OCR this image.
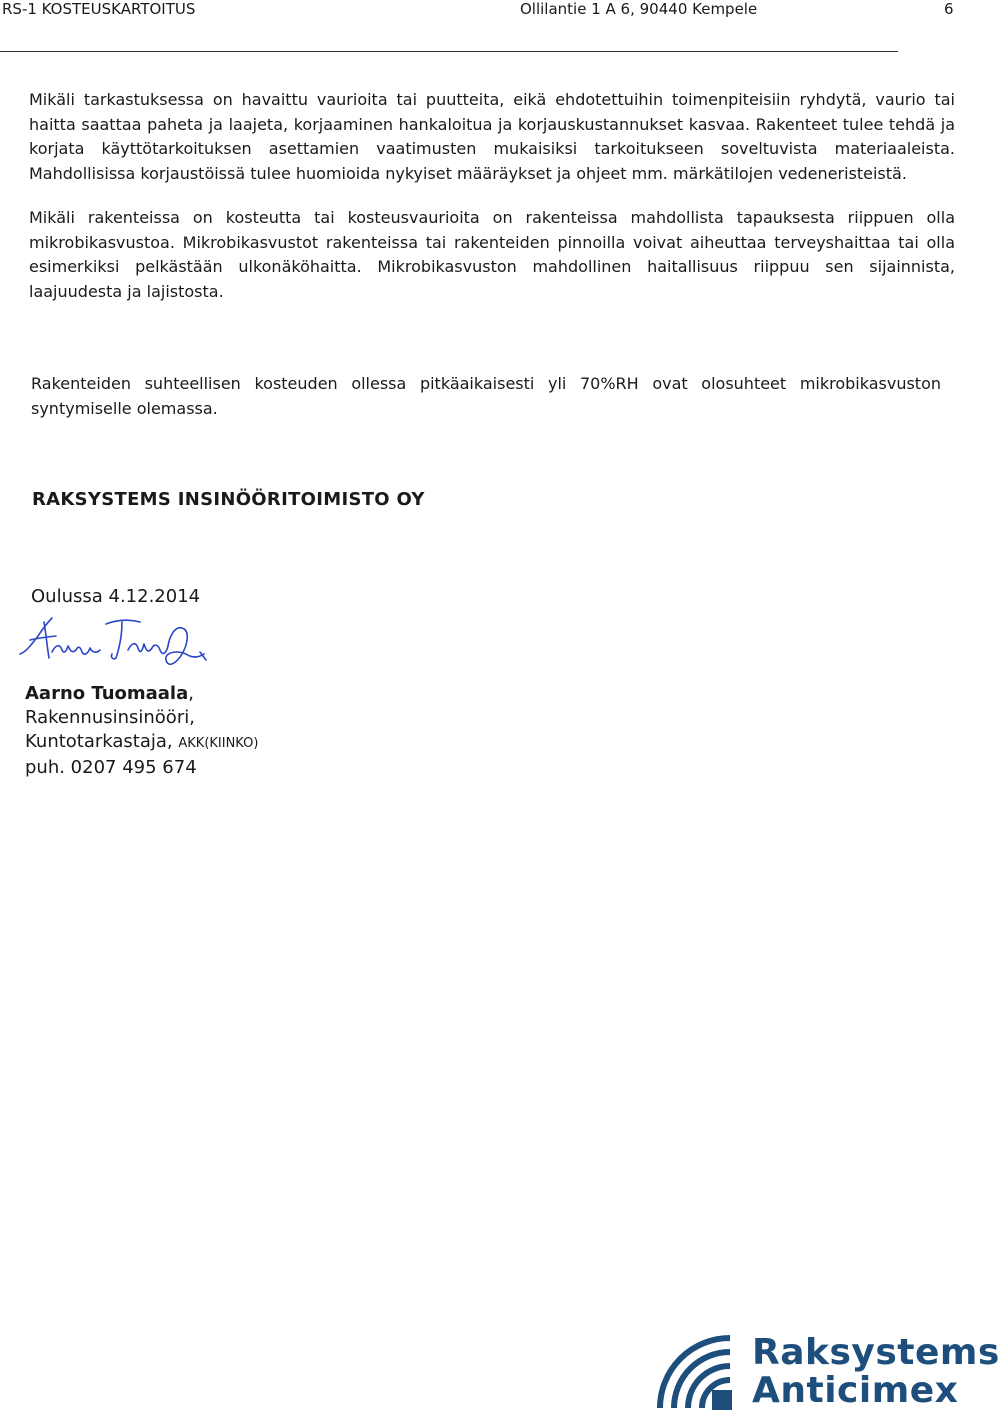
RS-1 KOSTEUSKARTOITUS	Ollilantie 1 A 6, 90440 Kempele	6

Mikäli tarkastuksessa on havaittu vaurioita tai puutteita, eikä ehdotettuihin toimenpiteisiin ryhdytä, vaurio tai haitta saattaa paheta ja laajeta, korjaaminen hankaloitua ja korjauskustannukset kasvaa. Rakenteet tulee tehdä ja korjata käyttötarkoituksen asettamien vaatimusten mukaisiksi tarkoitukseen soveltuvista materiaaleista. Mahdollisissa korjaustöissä tulee huomioida nykyiset määräykset ja ohjeet mm. märkätilojen vedeneristeistä.

Mikäli rakenteissa on kosteutta tai kosteusvaurioita on rakenteissa mahdollista tapauksesta riippuen olla mikrobikasvustoa. Mikrobikasvustot rakenteissa tai rakenteiden pinnoilla voivat aiheuttaa terveyshaittaa tai olla esimerkiksi pelkästään ulkonäköhaitta. Mikrobikasvuston mahdollinen haitallisuus riippuu sen sijainnista, laajuudesta ja lajistosta.

Rakenteiden suhteellisen kosteuden ollessa pitkäaikaisesti yli 70%RH ovat olosuhteet mikrobikasvuston syntymiselle olemassa.

RAKSYSTEMS INSINÖÖRITOIMISTO OY
Oulussa 4.12.2014
Aarno Tuomaala,
Rakennusinsinööri,
Kuntotarkastaja, AKK(KIINKO)
puh. 0207 495 674
Raksystems
Anticimex
